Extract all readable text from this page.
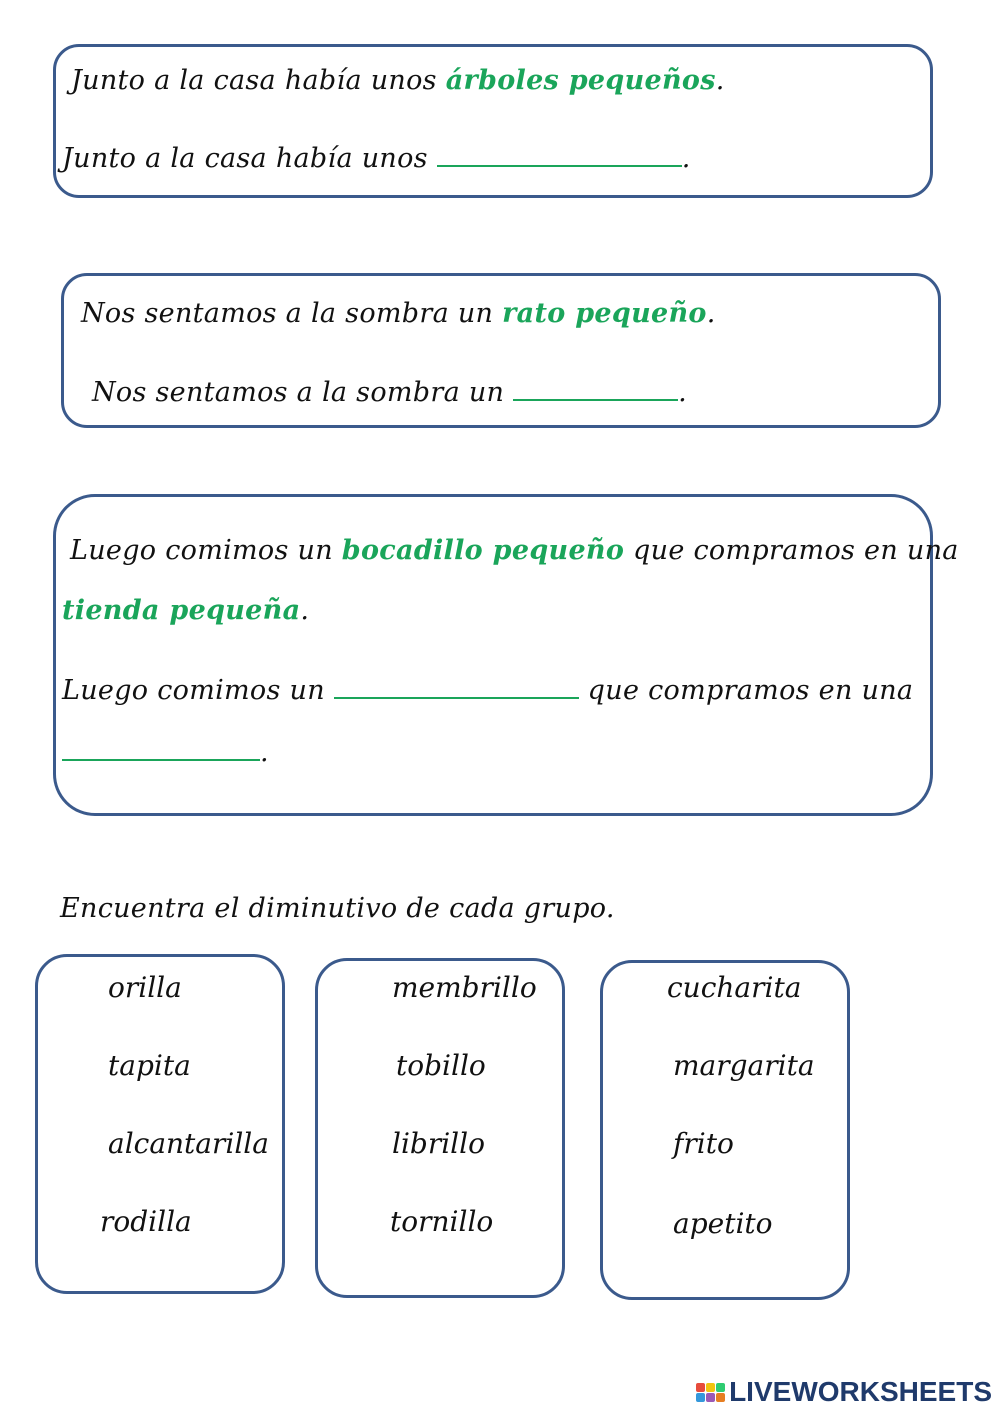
Junto a la casa había unos árboles pequeños.
Junto a la casa había unos	.
Nos sentamos a la sombra un rato pequeño.
Nos sentamos a la sombra un	.
Luego comimos un bocadillo pequeño que compramos en una
tienda pequeña.
Luego comimos un	que compramos en una
.
Encuentra el diminutivo de cada grupo.
orilla
tapita
alcantarilla
rodilla
membrillo
tobillo
librillo
tornillo
cucharita
margarita
frito
apetito
LIVEWORKSHEETS
